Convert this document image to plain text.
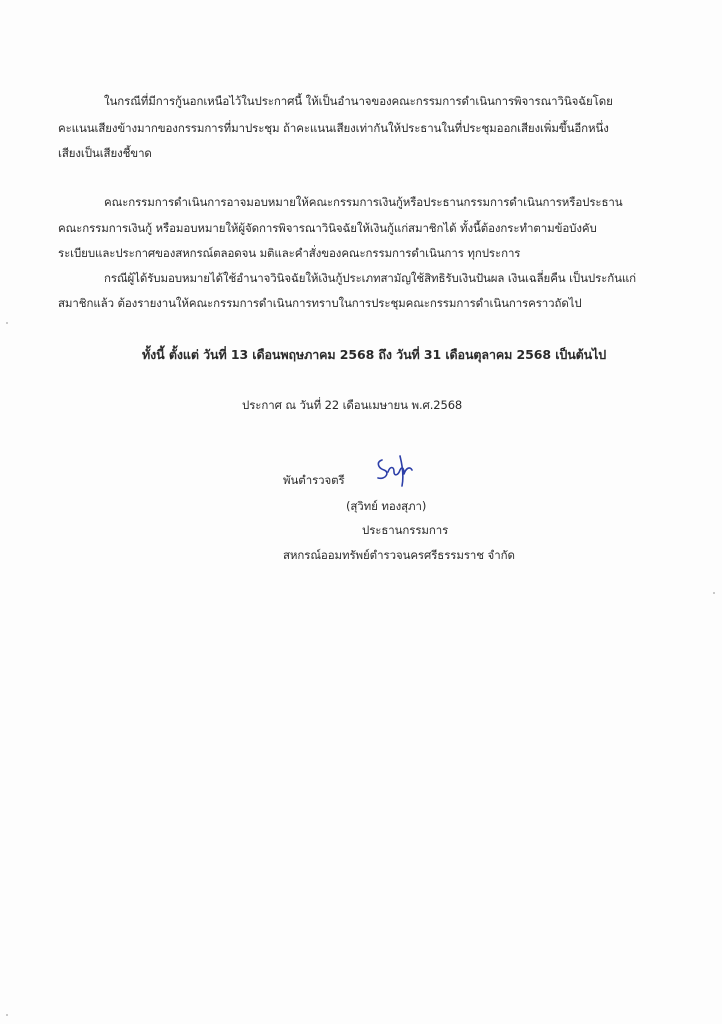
ในกรณีที่มีการกู้นอกเหนือไว้ในประกาศนี้ ให้เป็นอำนาจของคณะกรรมการดำเนินการพิจารณาวินิจฉัยโดย
คะแนนเสียงข้างมากของกรรมการที่มาประชุม ถ้าคะแนนเสียงเท่ากันให้ประธานในที่ประชุมออกเสียงเพิ่มขึ้นอีกหนึ่ง
เสียงเป็นเสียงชี้ขาด
คณะกรรมการดำเนินการอาจมอบหมายให้คณะกรรมการเงินกู้หรือประธานกรรมการดำเนินการหรือประธาน
คณะกรรมการเงินกู้ หรือมอบหมายให้ผู้จัดการพิจารณาวินิจฉัยให้เงินกู้แก่สมาชิกได้ ทั้งนี้ต้องกระทำตามข้อบังคับ
ระเบียบและประกาศของสหกรณ์ตลอดจน มติและคำสั่งของคณะกรรมการดำเนินการ ทุกประการ
กรณีผู้ได้รับมอบหมายได้ใช้อำนาจวินิจฉัยให้เงินกู้ประเภทสามัญใช้สิทธิรับเงินปันผล เงินเฉลี่ยคืน เป็นประกันแก่
สมาชิกแล้ว ต้องรายงานให้คณะกรรมการดำเนินการทราบในการประชุมคณะกรรมการดำเนินการคราวถัดไป
ทั้งนี้ ตั้งแต่ วันที่ 13 เดือนพฤษภาคม 2568 ถึง วันที่ 31 เดือนตุลาคม 2568 เป็นต้นไป
ประกาศ ณ วันที่ 22 เดือนเมษายน พ.ศ.2568
พันตำรวจตรี
(สุวิทย์ ทองสุภา)
ประธานกรรมการ
สหกรณ์ออมทรัพย์ตำรวจนครศรีธรรมราช จำกัด
